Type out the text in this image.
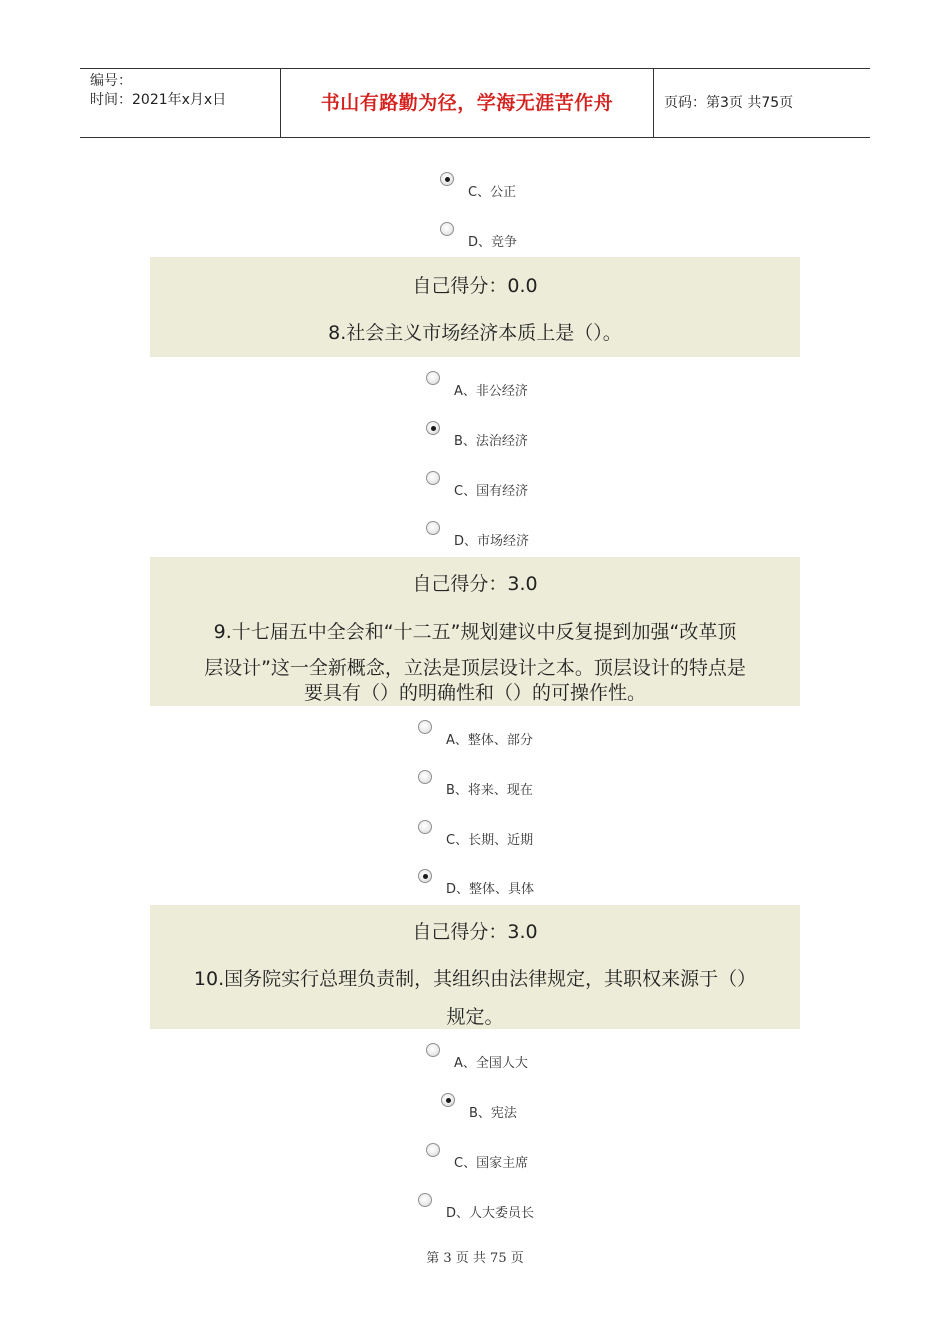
编号：
时间：2021年x月x日	书山有路勤为径，学海无涯苦作舟	页码：第3页 共75页
C、公正
D、竞争
自己得分：0.0
8.社会主义市场经济本质上是（）。
A、非公经济
B、法治经济
C、国有经济
D、市场经济
自己得分：3.0
9.十七届五中全会和“十二五”规划建议中反复提到加强“改革顶
层设计”这一全新概念，立法是顶层设计之本。顶层设计的特点是
要具有（）的明确性和（）的可操作性。
A、整体、部分
B、将来、现在
C、长期、近期
D、整体、具体
自己得分：3.0
10.国务院实行总理负责制，其组织由法律规定，其职权来源于（）
规定。
A、全国人大
B、宪法
C、国家主席
D、人大委员长
第 3 页 共 75 页
